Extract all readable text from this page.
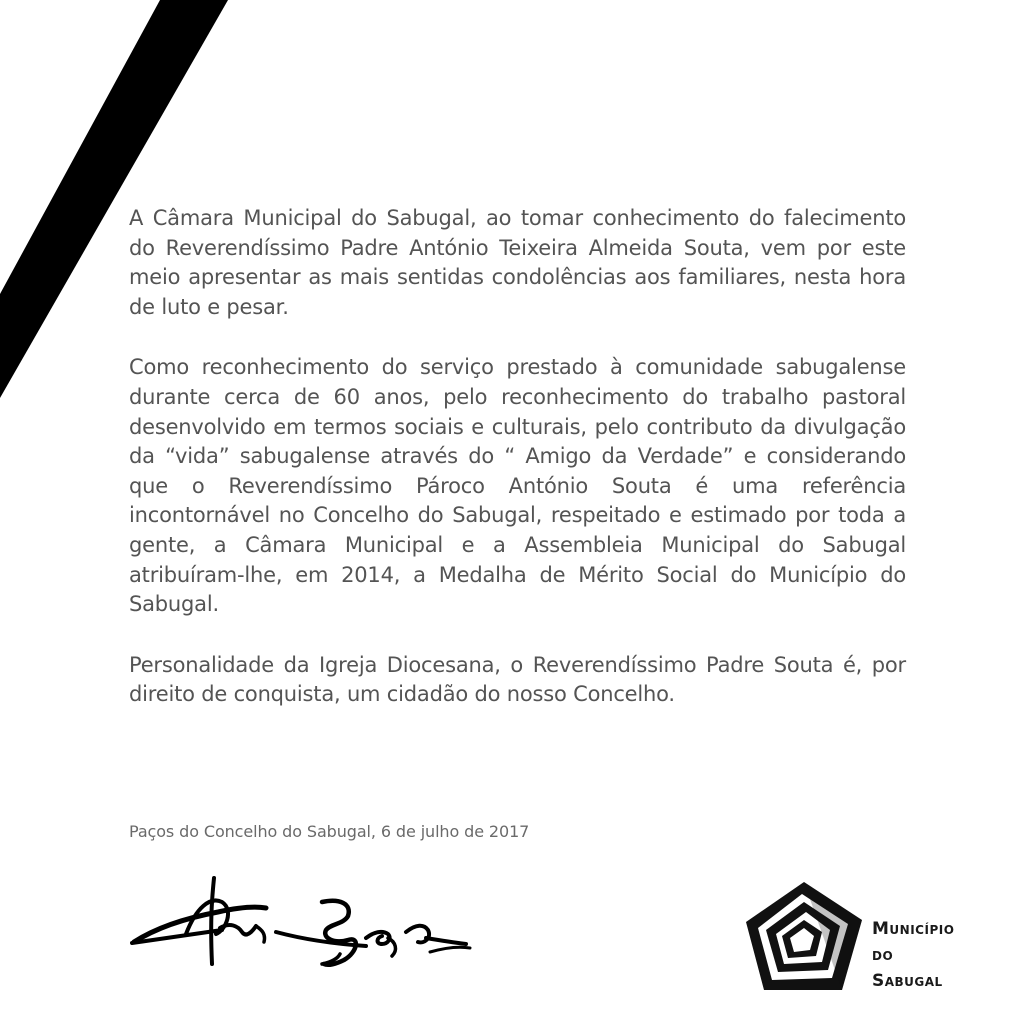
A Câmara Municipal do Sabugal, ao tomar conhecimento do falecimento do Reverendíssimo Padre António Teixeira Almeida Souta, vem por este meio apresentar as mais sentidas condolências aos familiares, nesta hora de luto e pesar.

Como reconhecimento do serviço prestado à comunidade sabugalense durante cerca de 60 anos, pelo reconhecimento do trabalho pastoral desenvolvido em termos sociais e culturais, pelo contributo da divulgação da “vida” sabugalense através do “ Amigo da Verdade” e considerando que o Reverendíssimo Pároco António Souta é uma referência incontornável no Concelho do Sabugal, respeitado e estimado por toda a gente, a Câmara Municipal e a Assembleia Municipal do Sabugal atribuíram-lhe, em 2014, a Medalha de Mérito Social do Município do Sabugal.

Personalidade da Igreja Diocesana, o Reverendíssimo Padre Souta é, por direito de conquista, um cidadão do nosso Concelho.

Paços do Concelho do Sabugal, 6 de julho de 2017
Município
do
Sabugal
